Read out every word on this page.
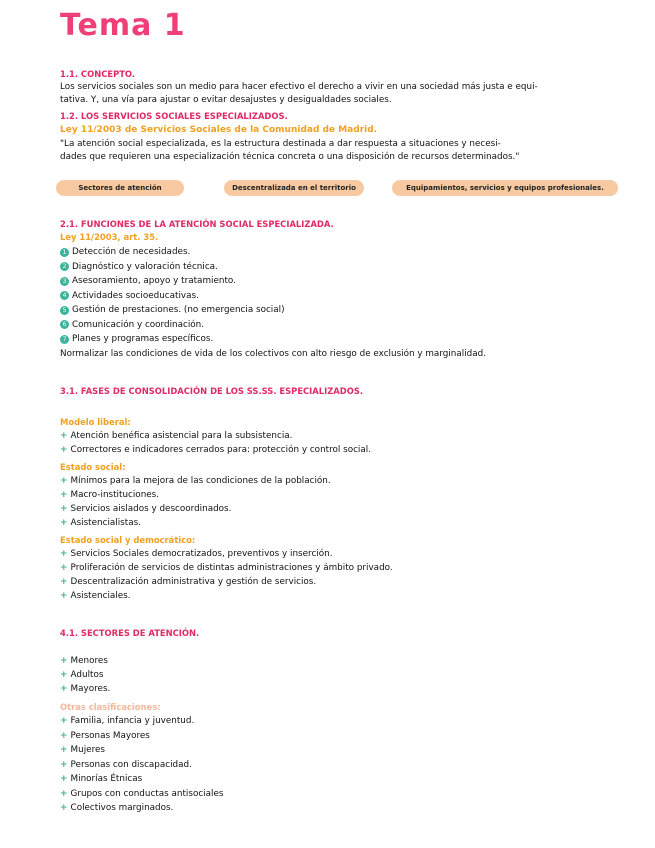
Tema 1
1.1. CONCEPTO.
Los servicios sociales son un medio para hacer efectivo el derecho a vivir en una sociedad más justa e equi-
tativa. Y, una vía para ajustar o evitar desajustes y desigualdades sociales.
1.2. LOS SERVICIOS SOCIALES ESPECIALIZADOS.
Ley 11/2003 de Servicios Sociales de la Comunidad de Madrid.
"La atención social especializada, es la estructura destinada a dar respuesta a situaciones y necesi-
dades que requieren una especialización técnica concreta o una disposición de recursos determinados."
Sectores de atención	Descentralizada en el territorio	Equipamientos, servicios y equipos profesionales.
2.1. FUNCIONES DE LA ATENCIÓN SOCIAL ESPECIALIZADA.
Ley 11/2003, art. 35.
1 Detección de necesidades.
2 Diagnóstico y valoración técnica.
3 Asesoramiento, apoyo y tratamiento.
4 Actividades socioeducativas.
5 Gestión de prestaciones. (no emergencia social)
6 Comunicación y coordinación.
7 Planes y programas específicos.
Normalizar las condiciones de vida de los colectivos con alto riesgo de exclusión y marginalidad.
3.1. FASES DE CONSOLIDACIÓN DE LOS SS.SS. ESPECIALIZADOS.
Modelo liberal:
+ Atención benéfica asistencial para la subsistencia.
+ Correctores e indicadores cerrados para: protección y control social.
Estado social:
+ Mínimos para la mejora de las condiciones de la población.
+ Macro-instituciones.
+ Servicios aislados y descoordinados.
+ Asistencialistas.
Estado social y democrático:
+ Servicios Sociales democratizados, preventivos y inserción.
+ Proliferación de servicios de distintas administraciones y ámbito privado.
+ Descentralización administrativa y gestión de servicios.
+ Asistenciales.
4.1. SECTORES DE ATENCIÓN.
+ Menores
+ Adultos
+ Mayores.
Otras clasificaciones:
+ Familia, infancia y juventud.
+ Personas Mayores
+ Mujeres
+ Personas con discapacidad.
+ Minorías Étnicas
+ Grupos con conductas antisociales
+ Colectivos marginados.
